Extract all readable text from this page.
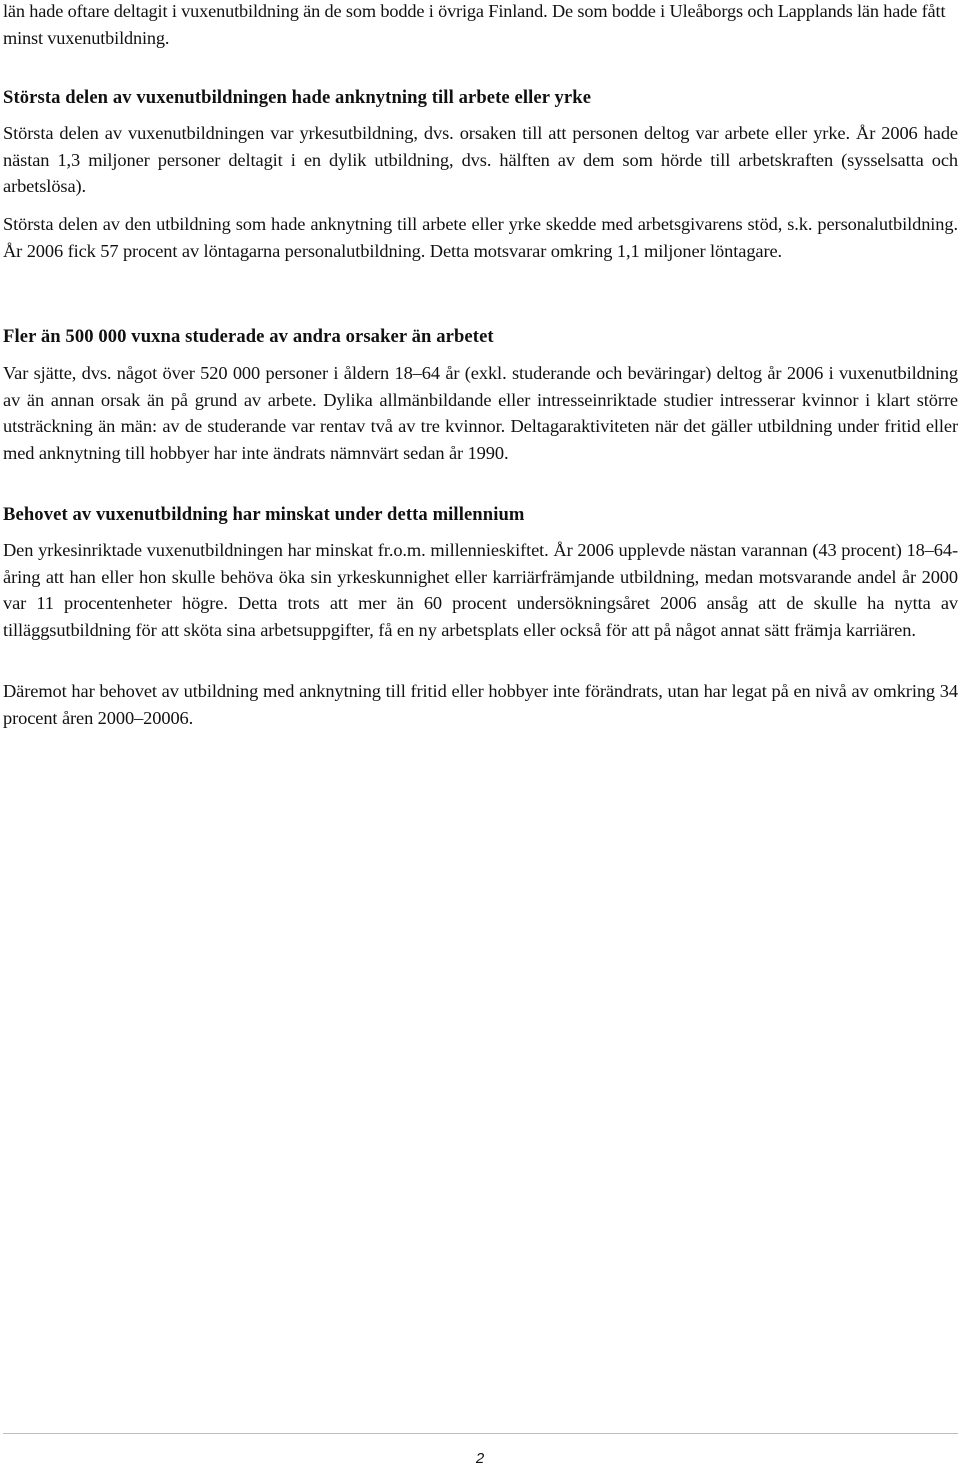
län hade oftare deltagit i vuxenutbildning än de som bodde i övriga Finland. De som bodde i Uleåborgs och Lapplands län hade fått minst vuxenutbildning.

Största delen av vuxenutbildningen hade anknytning till arbete eller yrke

Största delen av vuxenutbildningen var yrkesutbildning, dvs. orsaken till att personen deltog var arbete eller yrke. År 2006 hade nästan 1,3 miljoner personer deltagit i en dylik utbildning, dvs. hälften av dem som hörde till arbetskraften (sysselsatta och arbetslösa).

Största delen av den utbildning som hade anknytning till arbete eller yrke skedde med arbetsgivarens stöd, s.k. personalutbildning. År 2006 fick 57 procent av löntagarna personalutbildning. Detta motsvarar omkring 1,1 miljoner löntagare.

Fler än 500 000 vuxna studerade av andra orsaker än arbetet

Var sjätte, dvs. något över 520 000 personer i åldern 18–64 år (exkl. studerande och beväringar) deltog år 2006 i vuxenutbildning av än annan orsak än på grund av arbete. Dylika allmänbildande eller intresseinriktade studier intresserar kvinnor i klart större utsträckning än män: av de studerande var rentav två av tre kvinnor. Deltagaraktiviteten när det gäller utbildning under fritid eller med anknytning till hobbyer har inte ändrats nämnvärt sedan år 1990.

Behovet av vuxenutbildning har minskat under detta millennium

Den yrkesinriktade vuxenutbildningen har minskat fr.o.m. millennieskiftet. År 2006 upplevde nästan varannan (43 procent) 18–64-åring att han eller hon skulle behöva öka sin yrkeskunnighet eller karriärfrämjande utbildning, medan motsvarande andel år 2000 var 11 procentenheter högre. Detta trots att mer än 60 procent undersökningsåret 2006 ansåg att de skulle ha nytta av tilläggsutbildning för att sköta sina arbetsuppgifter, få en ny arbetsplats eller också för att på något annat sätt främja karriären.

Däremot har behovet av utbildning med anknytning till fritid eller hobbyer inte förändrats, utan har legat på en nivå av omkring 34 procent åren 2000–20006.

2
